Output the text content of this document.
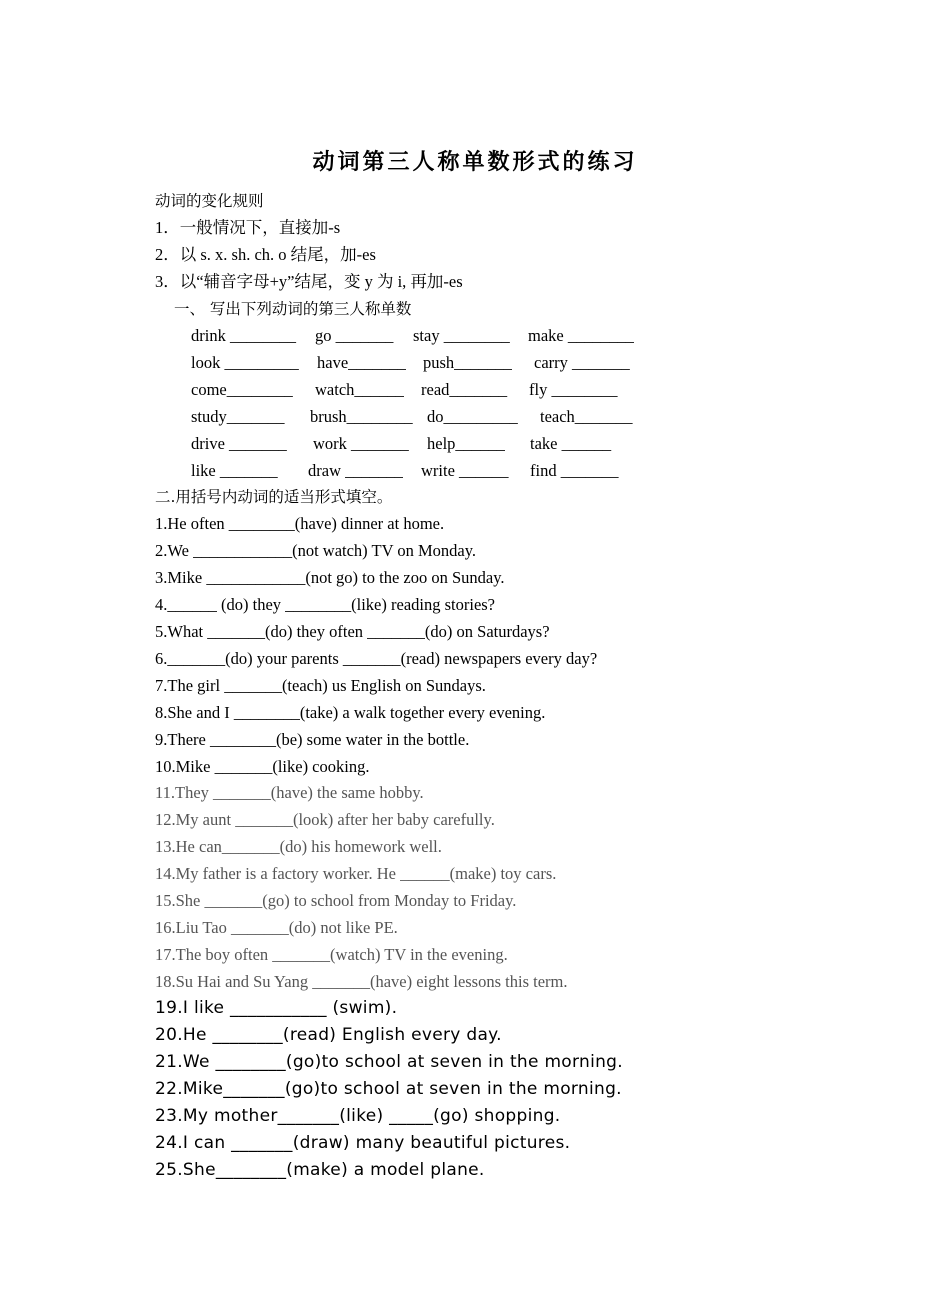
动词第三人称单数形式的练习
动词的变化规则
1．一般情况下，直接加-s
2．以 s. x. sh. ch. o 结尾，加-es
3．以“辅音字母+y”结尾，变 y 为 i, 再加-es
一、 写出下列动词的第三人称单数
drink ________ go _______ stay ________ make ________
look _________ have_______ push_______ carry _______
come________ watch______ read_______ fly ________
study_______ brush________ do_________ teach_______
drive _______ work _______ help______ take ______
like _______ draw _______ write ______ find _______
二.用括号内动词的适当形式填空。
1.He often ________(have) dinner at home.
2.We ____________(not watch) TV on Monday.
3.Mike ____________(not go) to the zoo on Sunday.
4.______ (do) they ________(like) reading stories?
5.What _______(do) they often _______(do) on Saturdays?
6._______(do) your parents _______(read) newspapers every day?
7.The girl _______(teach) us English on Sundays.
8.She and I ________(take) a walk together every evening.
9.There ________(be) some water in the bottle.
10.Mike _______(like) cooking.
11.They _______(have) the same hobby.
12.My aunt _______(look) after her baby carefully.
13.He can_______(do) his homework well.
14.My father is a factory worker. He ______(make) toy cars.
15.She _______(go) to school from Monday to Friday.
16.Liu Tao _______(do) not like PE.
17.The boy often _______(watch) TV in the evening.
18.Su Hai and Su Yang _______(have) eight lessons this term.
19.I like ___________ (swim).
20.He ________(read) English every day.
21.We ________(go)to school at seven in the morning.
22.Mike_______(go)to school at seven in the morning.
23.My mother_______(like) _____(go) shopping.
24.I can _______(draw) many beautiful pictures.
25.She________(make) a model plane.
